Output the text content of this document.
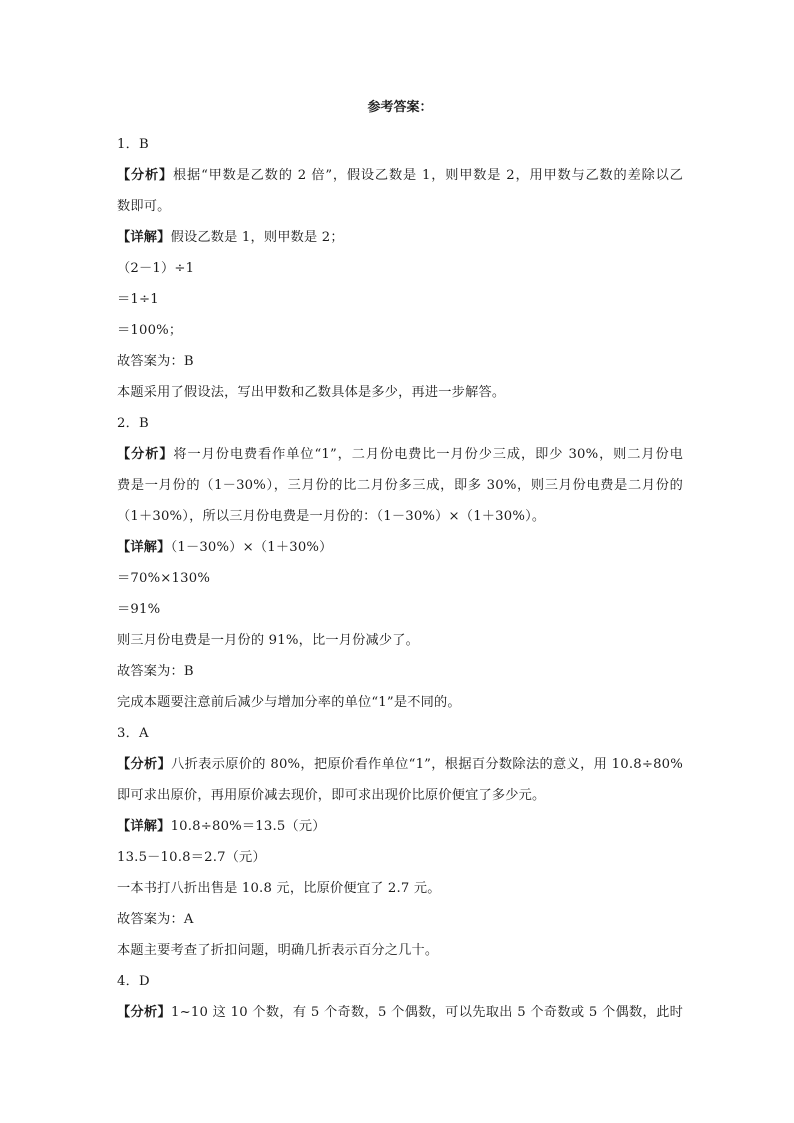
参考答案：
1．B
【分析】根据“甲数是乙数的 2 倍”，假设乙数是 1，则甲数是 2，用甲数与乙数的差除以乙
数即可。
【详解】假设乙数是 1，则甲数是 2；
（2－1）÷1
＝1÷1
＝100%；
故答案为：B
本题采用了假设法，写出甲数和乙数具体是多少，再进一步解答。
2．B
【分析】将一月份电费看作单位“1”，二月份电费比一月份少三成，即少 30%，则二月份电
费是一月份的（1－30%），三月份的比二月份多三成，即多 30%，则三月份电费是二月份的
（1＋30%），所以三月份电费是一月份的：（1－30%）×（1＋30%）。
【详解】（1－30%）×（1＋30%）
＝70%×130%
＝91%
则三月份电费是一月份的 91%，比一月份减少了。
故答案为：B
完成本题要注意前后减少与增加分率的单位“1”是不同的。
3．A
【分析】八折表示原价的 80%，把原价看作单位“1”，根据百分数除法的意义，用 10.8÷80%
即可求出原价，再用原价减去现价，即可求出现价比原价便宜了多少元。
【详解】10.8÷80%＝13.5（元）
13.5－10.8＝2.7（元）
一本书打八折出售是 10.8 元，比原价便宜了 2.7 元。
故答案为：A
本题主要考查了折扣问题，明确几折表示百分之几十。
4．D
【分析】1~10 这 10 个数，有 5 个奇数，5 个偶数，可以先取出 5 个奇数或 5 个偶数，此时
